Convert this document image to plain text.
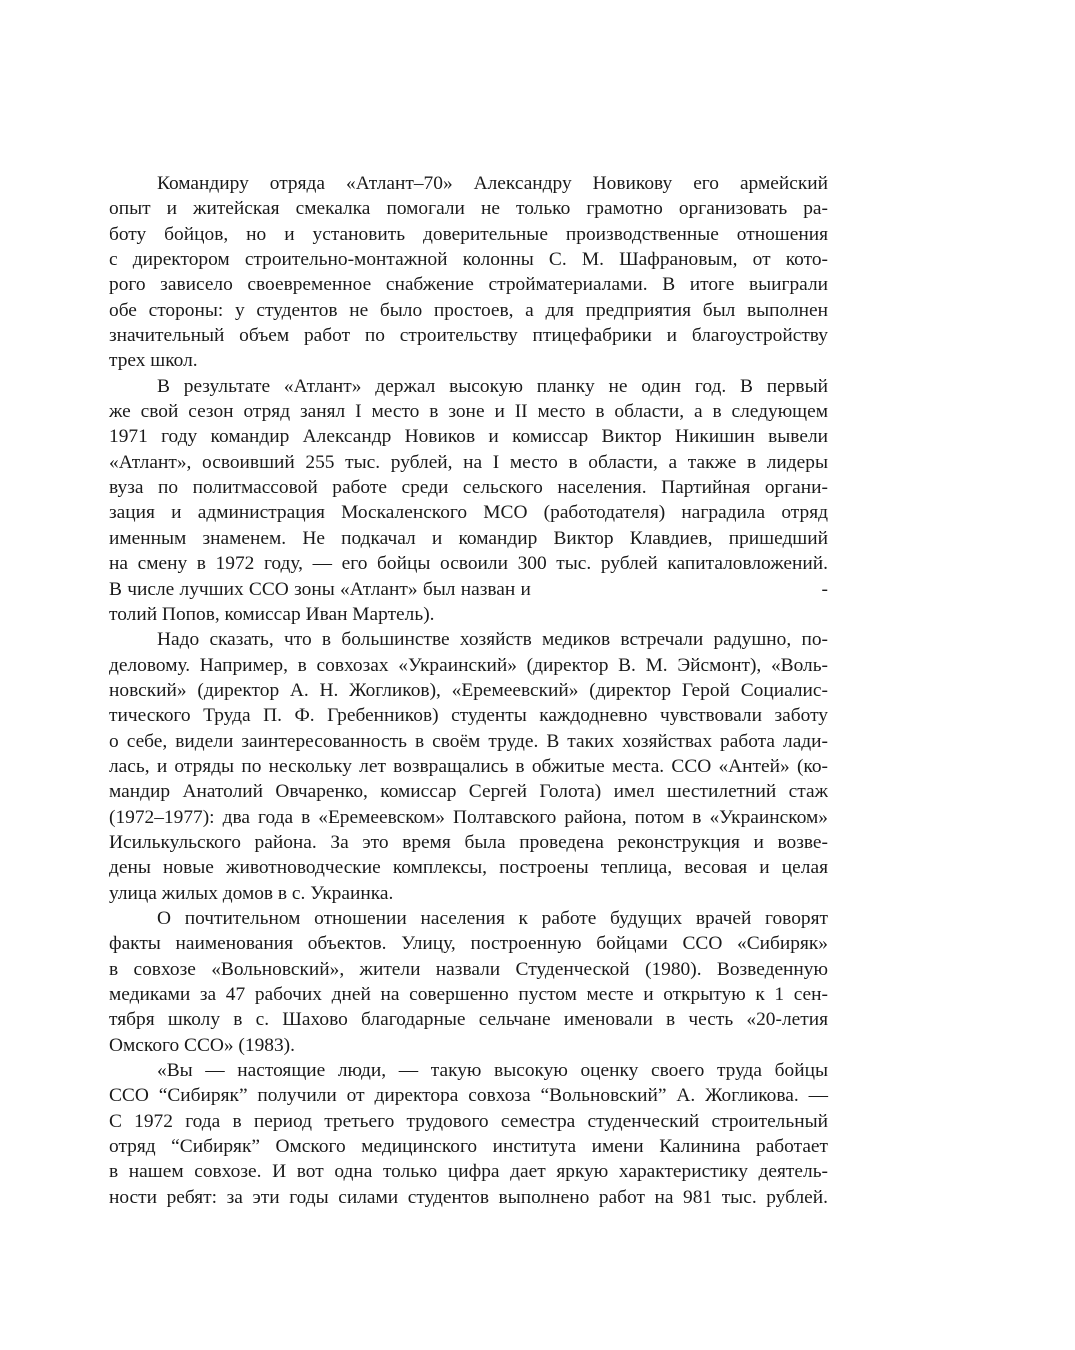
Командиру отряда «Атлант–70» Александру Новикову его армейский
опыт и житейская смекалка помогали не только грамотно организовать ра-
боту бойцов, но и установить доверительные производственные отношения
с директором строительно-монтажной колонны С. М. Шафрановым, от кото-
рого зависело своевременное снабжение стройматериалами. В итоге выиграли
обе стороны: у студентов не было простоев, а для предприятия был выполнен
значительный объем работ по строительству птицефабрики и благоустройству
трех школ.
В результате «Атлант» держал высокую планку не один год. В первый
же свой сезон отряд занял I место в зоне и II место в области, а в следующем
1971 году командир Александр Новиков и комиссар Виктор Никишин вывели
«Атлант», освоивший 255 тыс. рублей, на I место в области, а также в лидеры
вуза по политмассовой работе среди сельского населения. Партийная органи-
зация и администрация Москаленского МСО (работодателя) наградила отряд
именным знаменем. Не подкачал и командир Виктор Клавдиев, пришедший
на смену в 1972 году, — его бойцы освоили 300 тыс. рублей капиталовложений.
В числе лучших ССО зоны «Атлант» был назван и                                                       -
толий Попов, комиссар Иван Мартель).
Надо сказать, что в большинстве хозяйств медиков встречали радушно, по-
деловому. Например, в совхозах «Украинский» (директор В. М. Эйсмонт), «Воль-
новский» (директор А. Н. Жогликов), «Еремеевский» (директор Герой Социалис-
тического Труда П. Ф. Гребенников) студенты каждодневно чувствовали заботу
о себе, видели заинтересованность в своём труде. В таких хозяйствах работа лади-
лась, и отряды по нескольку лет возвращались в обжитые места. ССО «Антей» (ко-
мандир Анатолий Овчаренко, комиссар Сергей Голота) имел шестилетний стаж
(1972–1977): два года в «Еремеевском» Полтавского района, потом в «Украинском»
Исилькульского района. За это время была проведена реконструкция и возве-
дены новые животноводческие комплексы, построены теплица, весовая и целая
улица жилых домов в с. Украинка.
О почтительном отношении населения к работе будущих врачей говорят
факты наименования объектов. Улицу, построенную бойцами ССО «Сибиряк»
в совхозе «Вольновский», жители назвали Студенческой (1980). Возведенную
медиками за 47 рабочих дней на совершенно пустом месте и открытую к 1 сен-
тября школу в с. Шахово благодарные сельчане именовали в честь «20-летия
Омского ССО» (1983).
«Вы — настоящие люди, — такую высокую оценку своего труда бойцы
ССО “Сибиряк” получили от директора совхоза “Вольновский” А. Жогликова. —
С 1972 года в период третьего трудового семестра студенческий строительный
отряд “Сибиряк” Омского медицинского института имени Калинина работает
в нашем совхозе. И вот одна только цифра дает яркую характеристику деятель-
ности ребят: за эти годы силами студентов выполнено работ на 981 тыс. рублей.
